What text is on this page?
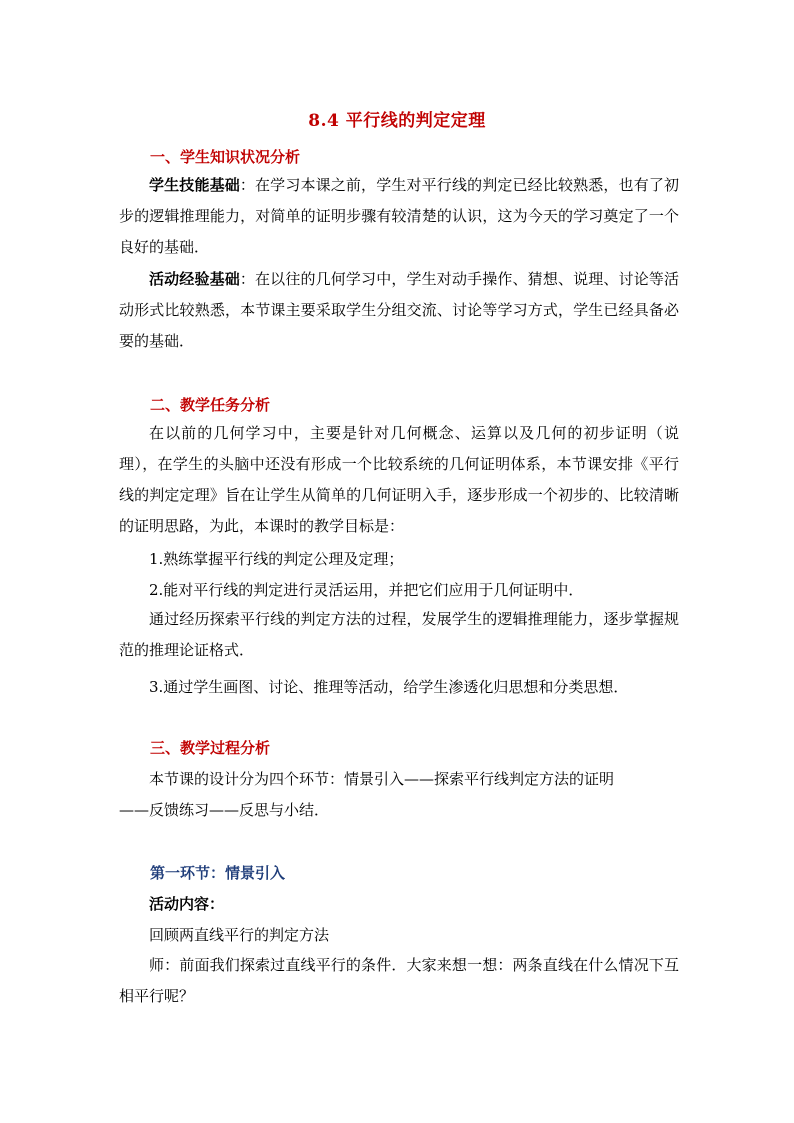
8.4 平行线的判定定理
一、学生知识状况分析
学生技能基础：在学习本课之前，学生对平行线的判定已经比较熟悉，也有了初步的逻辑推理能力，对简单的证明步骤有较清楚的认识，这为今天的学习奠定了一个良好的基础．
活动经验基础：在以往的几何学习中，学生对动手操作、猜想、说理、讨论等活动形式比较熟悉，本节课主要采取学生分组交流、讨论等学习方式，学生已经具备必要的基础．
二、教学任务分析
在以前的几何学习中，主要是针对几何概念、运算以及几何的初步证明（说理），在学生的头脑中还没有形成一个比较系统的几何证明体系，本节课安排《平行线的判定定理》旨在让学生从简单的几何证明入手，逐步形成一个初步的、比较清晰的证明思路，为此，本课时的教学目标是：
1.熟练掌握平行线的判定公理及定理；
2.能对平行线的判定进行灵活运用，并把它们应用于几何证明中．
通过经历探索平行线的判定方法的过程，发展学生的逻辑推理能力，逐步掌握规范的推理论证格式．
3.通过学生画图、讨论、推理等活动，给学生渗透化归思想和分类思想．
三、教学过程分析
本节课的设计分为四个环节：情景引入——探索平行线判定方法的证明
——反馈练习——反思与小结．
第一环节：情景引入
活动内容：
回顾两直线平行的判定方法
师：前面我们探索过直线平行的条件．大家来想一想：两条直线在什么情况下互相平行呢？
